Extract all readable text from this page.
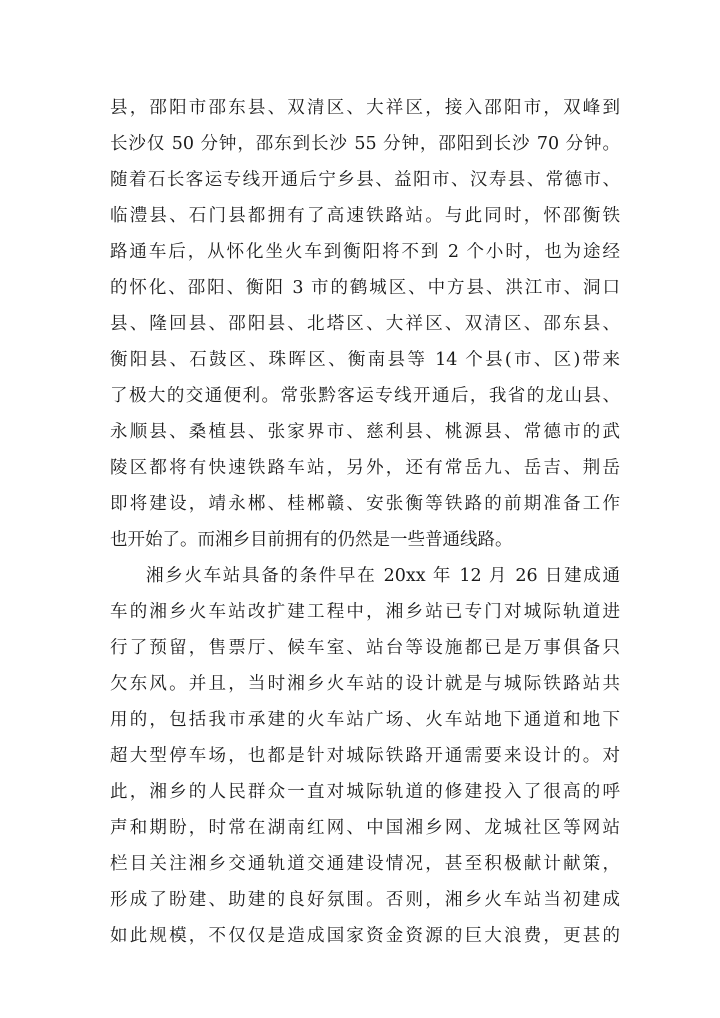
县，邵阳市邵东县、双清区、大祥区，接入邵阳市，双峰到
长沙仅 50 分钟，邵东到长沙 55 分钟，邵阳到长沙 70 分钟。
随着石长客运专线开通后宁乡县、益阳市、汉寿县、常德市、
临澧县、石门县都拥有了高速铁路站。与此同时，怀邵衡铁
路通车后，从怀化坐火车到衡阳将不到 2 个小时，也为途经
的怀化、邵阳、衡阳 3 市的鹤城区、中方县、洪江市、洞口
县、隆回县、邵阳县、北塔区、大祥区、双清区、邵东县、
衡阳县、石鼓区、珠晖区、衡南县等 14 个县(市、区)带来
了极大的交通便利。常张黔客运专线开通后，我省的龙山县、
永顺县、桑植县、张家界市、慈利县、桃源县、常德市的武
陵区都将有快速铁路车站，另外，还有常岳九、岳吉、荆岳
即将建设，靖永郴、桂郴赣、安张衡等铁路的前期准备工作
也开始了。而湘乡目前拥有的仍然是一些普通线路。
湘乡火车站具备的条件早在 20xx 年 12 月 26 日建成通
车的湘乡火车站改扩建工程中，湘乡站已专门对城际轨道进
行了预留，售票厅、候车室、站台等设施都已是万事俱备只
欠东风。并且，当时湘乡火车站的设计就是与城际铁路站共
用的，包括我市承建的火车站广场、火车站地下通道和地下
超大型停车场，也都是针对城际铁路开通需要来设计的。对
此，湘乡的人民群众一直对城际轨道的修建投入了很高的呼
声和期盼，时常在湖南红网、中国湘乡网、龙城社区等网站
栏目关注湘乡交通轨道交通建设情况，甚至积极献计献策，
形成了盼建、助建的良好氛围。否则，湘乡火车站当初建成
如此规模，不仅仅是造成国家资金资源的巨大浪费，更甚的
